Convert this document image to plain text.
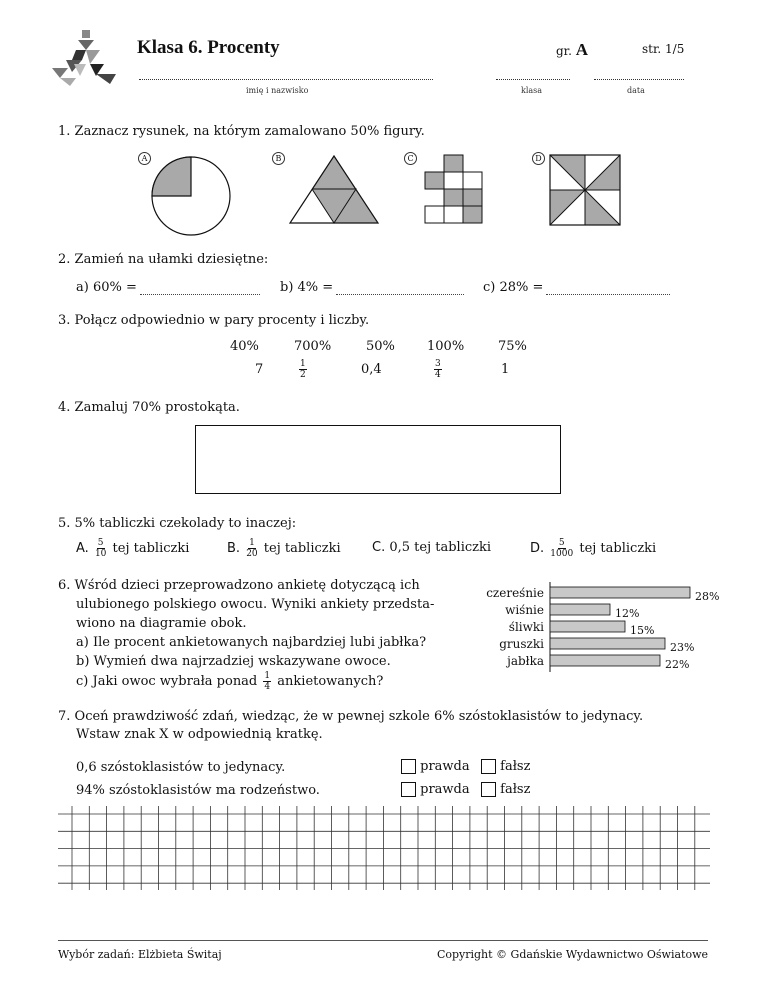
Klasa 6. Procenty	gr. A	str. 1/5
imię i nazwisko	klasa	data
1. Zaznacz rysunek, na którym zamalowano 50% figury.
A	B	C	D
2. Zamień na ułamki dziesiętne:
a) 60% =	b) 4% =	c) 28% =
3. Połącz odpowiednio w pary procenty i liczby.
40%	700%	50% 100%	75%
7	$\frac{1}{2}$	0,4	$\frac{3}{4}$	1
4. Zamaluj 70% prostokąta.
5. 5% tabliczki czekolady to inaczej:
A. $\frac{5}{10}$ tej tabliczki	B. $\frac{1}{20}$ tej tabliczki C. 0,5 tej tabliczki	D. $\frac{5}{1000}$ tej tabliczki
6. Wśród dzieci przeprowadzono ankietę dotyczącą ich
ulubionego polskiego owocu. Wyniki ankiety przedsta-
wiono na diagramie obok.
a) Ile procent ankietowanych najbardziej lubi jabłka?
b) Wymień dwa najrzadziej wskazywane owoce.
c) Jaki owoc wybrała ponad $\frac{1}{4}$ ankietowanych?
czereśnie	28%
wiśnie	12%
śliwki	15%
gruszki	23%
jabłka	22%
7. Oceń prawdziwość zdań, wiedząc, że w pewnej szkole 6% szóstoklasistów to jedynacy.
Wstaw znak X w odpowiednią kratkę.
0,6 szóstoklasistów to jedynacy.	prawda	fałsz
94% szóstoklasistów ma rodzeństwo.	prawda	fałsz
Wybór zadań: Elżbieta Świtaj	Copyright © Gdańskie Wydawnictwo Oświatowe
